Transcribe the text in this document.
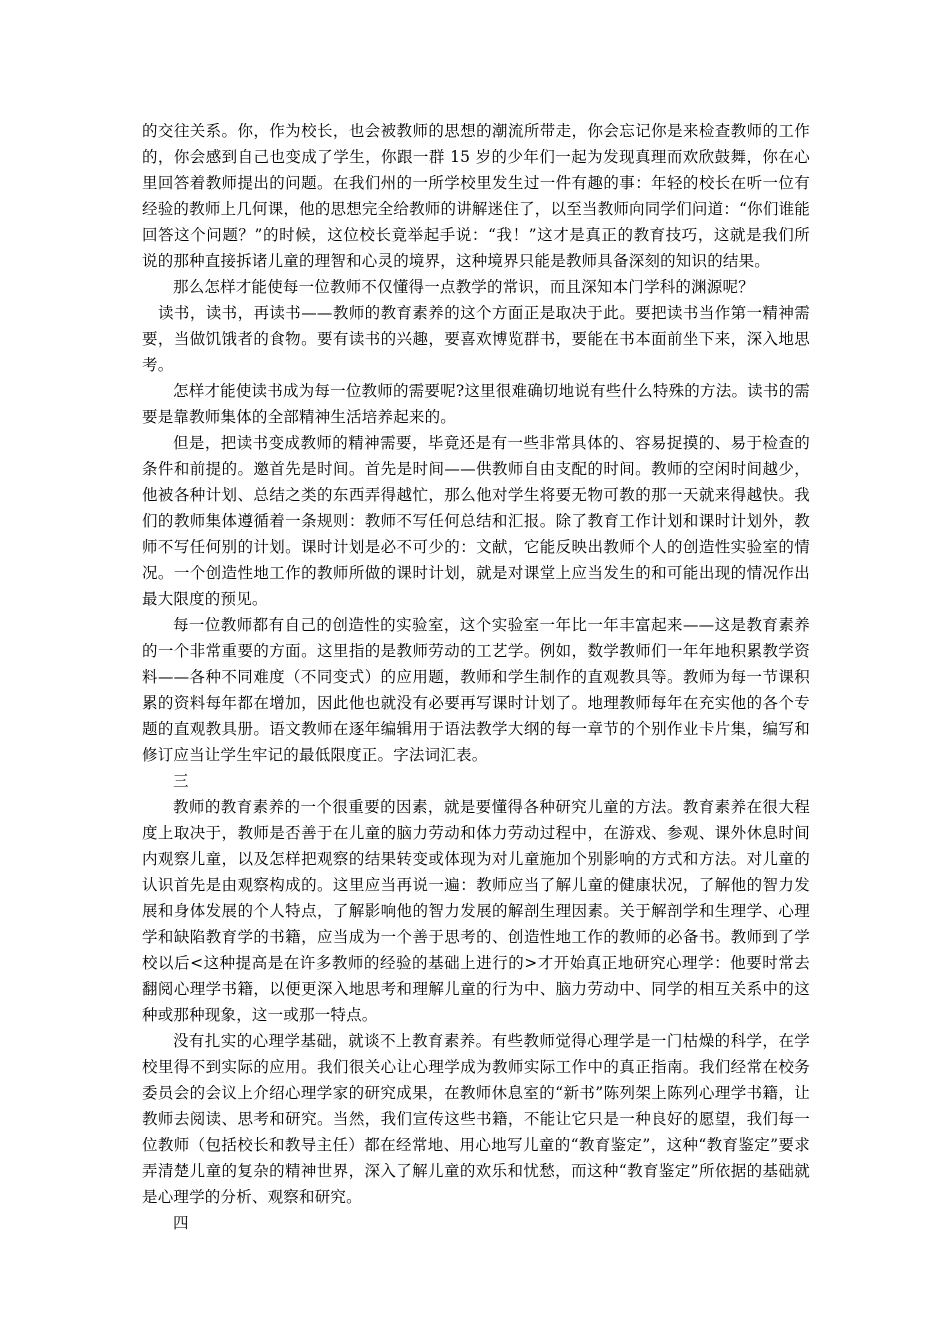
的交往关系。你，作为校长，也会被教师的思想的潮流所带走，你会忘记你是来检查教师的工作的，你会感到自己也变成了学生，你跟一群 15 岁的少年们一起为发现真理而欢欣鼓舞，你在心里回答着教师提出的问题。在我们州的一所学校里发生过一件有趣的事：年轻的校长在听一位有经验的教师上几何课，他的思想完全给教师的讲解迷住了，以至当教师向同学们问道：“你们谁能回答这个问题？”的时候，这位校长竟举起手说：“我！”这才是真正的教育技巧，这就是我们所说的那种直接拆诸儿童的理智和心灵的境界，这种境界只能是教师具备深刻的知识的结果。

那么怎样才能使每一位教师不仅懂得一点教学的常识，而且深知本门学科的渊源呢？

读书，读书，再读书——教师的教育素养的这个方面正是取决于此。要把读书当作第一精神需要，当做饥饿者的食物。要有读书的兴趣，要喜欢博览群书，要能在书本面前坐下来，深入地思考。

怎样才能使读书成为每一位教师的需要呢?这里很难确切地说有些什么特殊的方法。读书的需要是靠教师集体的全部精神生活培养起来的。

但是，把读书变成教师的精神需要，毕竟还是有一些非常具体的、容易捉摸的、易于检查的条件和前提的。邀首先是时间。首先是时间——供教师自由支配的时间。教师的空闲时间越少，他被各种计划、总结之类的东西弄得越忙，那么他对学生将要无物可教的那一天就来得越快。我们的教师集体遵循着一条规则：教师不写任何总结和汇报。除了教育工作计划和课时计划外，教师不写任何别的计划。课时计划是必不可少的：文献，它能反映出教师个人的创造性实验室的情况。一个创造性地工作的教师所做的课时计划，就是对课堂上应当发生的和可能出现的情况作出最大限度的预见。

每一位教师都有自己的创造性的实验室，这个实验室一年比一年丰富起来——这是教育素养的一个非常重要的方面。这里指的是教师劳动的工艺学。例如，数学教师们一年年地积累教学资料——各种不同难度（不同变式）的应用题，教师和学生制作的直观教具等。教师为每一节课积累的资料每年都在增加，因此他也就没有必要再写课时计划了。地理教师每年在充实他的各个专题的直观教具册。语文教师在逐年编辑用于语法教学大纲的每一章节的个别作业卡片集，编写和修订应当让学生牢记的最低限度正。字法词汇表。

三

教师的教育素养的一个很重要的因素，就是要懂得各种研究儿童的方法。教育素养在很大程度上取决于，教师是否善于在儿童的脑力劳动和体力劳动过程中，在游戏、参观、课外休息时间内观察儿童，以及怎样把观察的结果转变或体现为对儿童施加个别影响的方式和方法。对儿童的认识首先是由观察构成的。这里应当再说一遍：教师应当了解儿童的健康状况，了解他的智力发展和身体发展的个人特点，了解影响他的智力发展的解剖生理因素。关于解剖学和生理学、心理学和缺陷教育学的书籍，应当成为一个善于思考的、创造性地工作的教师的必备书。教师到了学校以后<这种提高是在许多教师的经验的基础上进行的>才开始真正地研究心理学：他要时常去翻阅心理学书籍，以便更深入地思考和理解儿童的行为中、脑力劳动中、同学的相互关系中的这种或那种现象，这一或那一特点。

没有扎实的心理学基础，就谈不上教育素养。有些教师觉得心理学是一门枯燥的科学，在学校里得不到实际的应用。我们很关心让心理学成为教师实际工作中的真正指南。我们经常在校务委员会的会议上介绍心理学家的研究成果，在教师休息室的“新书”陈列架上陈列心理学书籍，让教师去阅读、思考和研究。当然，我们宣传这些书籍，不能让它只是一种良好的愿望，我们每一位教师（包括校长和教导主任）都在经常地、用心地写儿童的“教育鉴定”，这种“教育鉴定”要求弄清楚儿童的复杂的精神世界，深入了解儿童的欢乐和忧愁，而这种“教育鉴定”所依据的基础就是心理学的分析、观察和研究。

四
